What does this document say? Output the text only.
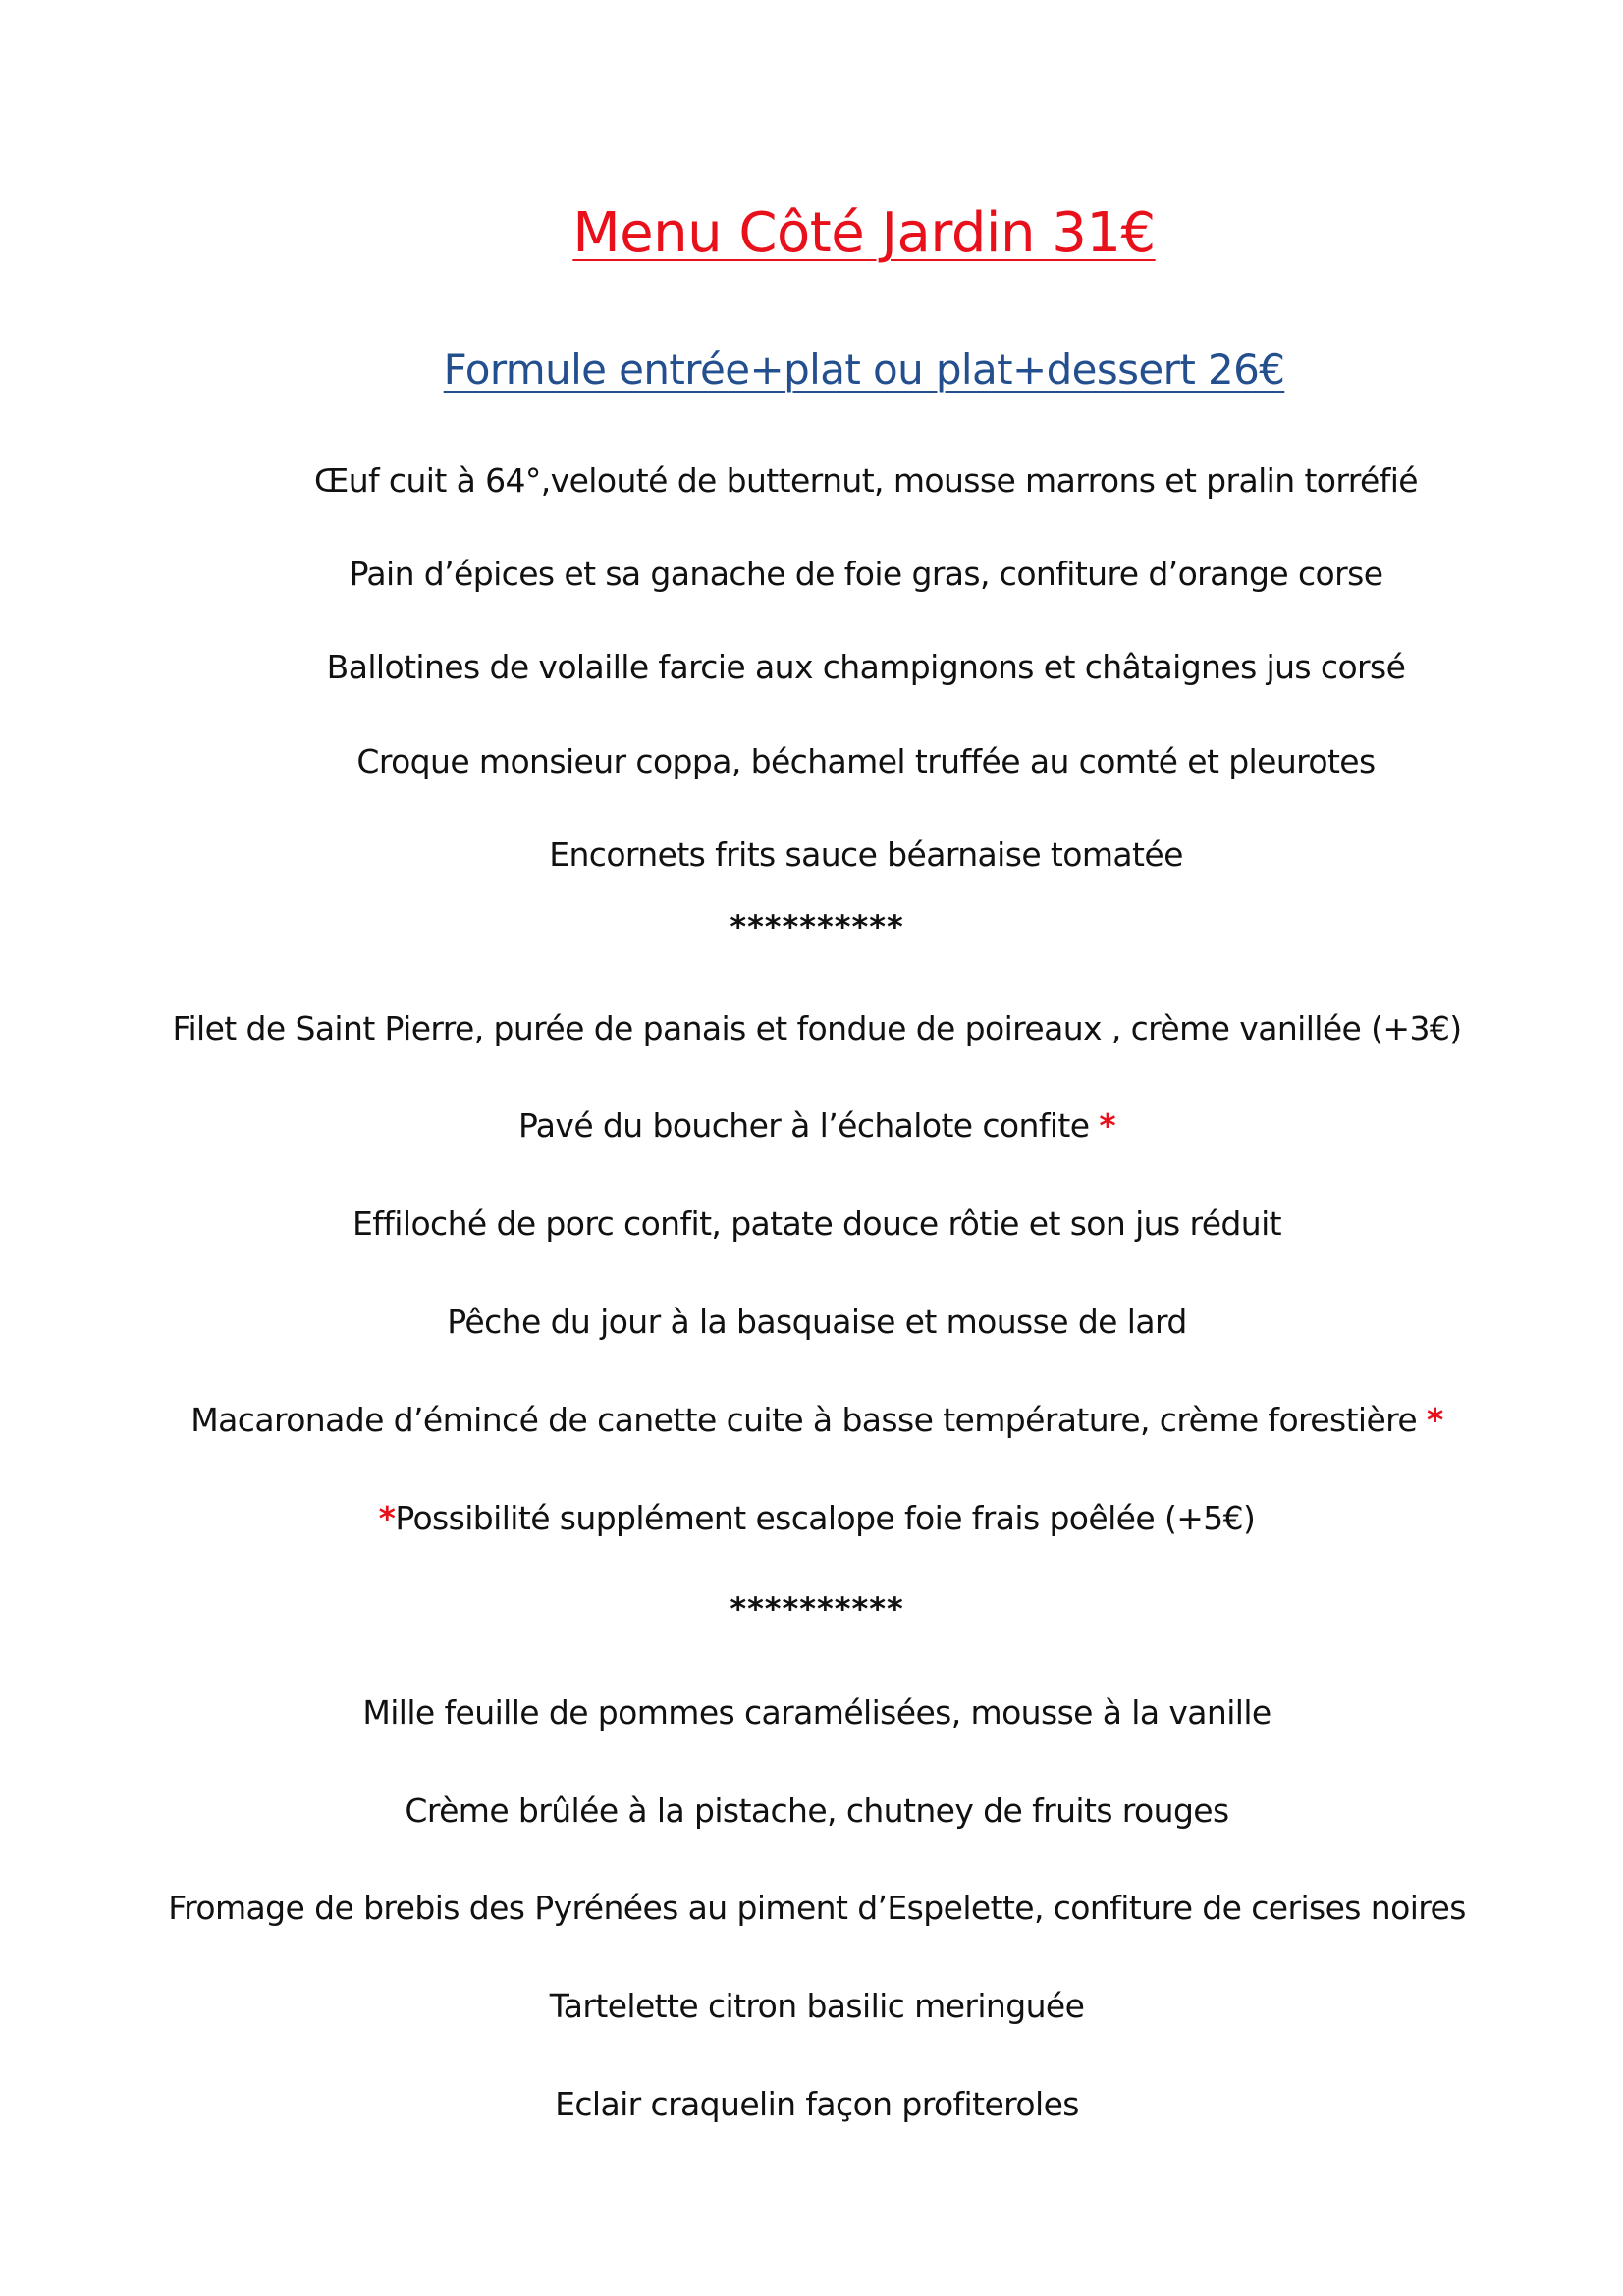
Menu Côté Jardin 31€
Formule entrée+plat ou plat+dessert 26€
Œuf cuit à 64°,velouté de butternut, mousse marrons et pralin torréfié
Pain d’épices et sa ganache de foie gras, confiture d’orange corse
Ballotines de volaille farcie aux champignons et châtaignes jus corsé
Croque monsieur coppa, béchamel truffée au comté et pleurotes
Encornets frits sauce béarnaise tomatée
**********
Filet de Saint Pierre, purée de panais et fondue de poireaux , crème vanillée (+3€)
Pavé du boucher à l’échalote confite *
Effiloché de porc confit, patate douce rôtie et son jus réduit
Pêche du jour à la basquaise et mousse de lard
Macaronade d’émincé de canette cuite à basse température, crème forestière *
*Possibilité supplément escalope foie frais poêlée (+5€)
**********
Mille feuille de pommes caramélisées, mousse à la vanille
Crème brûlée à la pistache, chutney de fruits rouges
Fromage de brebis des Pyrénées au piment d’Espelette, confiture de cerises noires
Tartelette citron basilic meringuée
Eclair craquelin façon profiteroles
